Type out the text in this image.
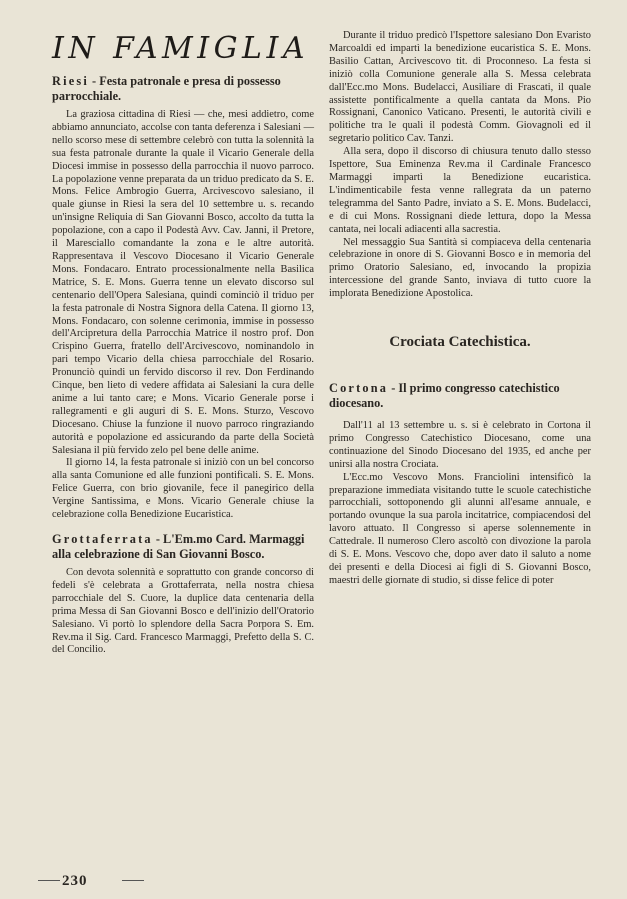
IN FAMIGLIA
Riesi - Festa patronale e presa di possesso parrocchiale.

La graziosa cittadina di Riesi — che, mesi addietro, come abbiamo annunciato, accolse con tanta deferenza i Salesiani — nello scorso mese di settembre celebrò con tutta la solennità la sua festa patronale durante la quale il Vicario Generale della Diocesi immise in possesso della parrocchia il nuovo parroco. La popolazione venne preparata da un triduo predicato da S. E. Mons. Felice Ambrogio Guerra, Arcivescovo salesiano, il quale giunse in Riesi la sera del 10 settembre u. s. recando un'insigne Reliquia di San Giovanni Bosco, accolto da tutta la popolazione, con a capo il Podestà Avv. Cav. Janni, il Pretore, il Maresciallo comandante la zona e le altre autorità. Rappresentava il Vescovo Diocesano il Vicario Generale Mons. Fondacaro. Entrato processionalmente nella Basilica Matrice, S. E. Mons. Guerra tenne un elevato discorso sul centenario dell'Opera Salesiana, quindi cominciò il triduo per la festa patronale di Nostra Signora della Catena. Il giorno 13, Mons. Fondacaro, con solenne cerimonia, immise in possesso dell'Arcipretura della Parrocchia Matrice il nostro prof. Don Crispino Guerra, fratello dell'Arcivescovo, nominandolo in pari tempo Vicario della chiesa parrocchiale del Rosario. Pronunciò quindi un fervido discorso il rev. Don Ferdinando Cinque, ben lieto di vedere affidata ai Salesiani la cura delle anime a lui tanto care; e Mons. Vicario Generale porse i rallegramenti e gli auguri di S. E. Mons. Sturzo, Vescovo Diocesano. Chiuse la funzione il nuovo parroco ringraziando autorità e popolazione ed assicurando da parte della Società Salesiana il più fervido zelo pel bene delle anime.

Il giorno 14, la festa patronale si iniziò con un bel concorso alla santa Comunione ed alle funzioni pontificali. S. E. Mons. Felice Guerra, con brio giovanile, fece il panegirico della Vergine Santissima, e Mons. Vicario Generale chiuse la celebrazione colla Benedizione Eucaristica.

Grottaferrata - L'Em.mo Card. Marmaggi alla celebrazione di San Giovanni Bosco.

Con devota solennità e soprattutto con grande concorso di fedeli s'è celebrata a Grottaferrata, nella nostra chiesa parrocchiale del S. Cuore, la duplice data centenaria della prima Messa di San Giovanni Bosco e dell'inizio dell'Oratorio Salesiano. Vi portò lo splendore della Sacra Porpora S. Em. Rev.ma il Sig. Card. Francesco Marmaggi, Prefetto della S. C. del Concilio.

Durante il triduo predicò l'Ispettore salesiano Don Evaristo Marcoaldi ed impartì la benedizione eucaristica S. E. Mons. Basilio Cattan, Arcivescovo tit. di Proconneso. La festa si iniziò colla Comunione generale alla S. Messa celebrata dall'Ecc.mo Mons. Budelacci, Ausiliare di Frascati, il quale assistette pontificalmente a quella cantata da Mons. Pio Rossignani, Canonico Vaticano. Presenti, le autorità civili e politiche tra le quali il podestà Comm. Giovagnoli ed il segretario politico Cav. Tanzi.

Alla sera, dopo il discorso di chiusura tenuto dallo stesso Ispettore, Sua Eminenza Rev.ma il Cardinale Francesco Marmaggi impartì la Benedizione eucaristica. L'indimenticabile festa venne rallegrata da un paterno telegramma del Santo Padre, inviato a S. E. Mons. Budelacci, e di cui Mons. Rossignani diede lettura, dopo la Messa cantata, nei locali adiacenti alla sacrestia.

Nel messaggio Sua Santità si compiaceva della centenaria celebrazione in onore di S. Giovanni Bosco e in memoria del primo Oratorio Salesiano, ed, invocando la propizia intercessione del grande Santo, inviava di tutto cuore la implorata Benedizione Apostolica.

Crociata Catechistica.
Cortona - Il primo congresso catechistico diocesano.

Dall'11 al 13 settembre u. s. si è celebrato in Cortona il primo Congresso Catechistico Diocesano, come una continuazione del Sinodo Diocesano del 1935, ed anche per unirsi alla nostra Crociata.

L'Ecc.mo Vescovo Mons. Franciolini intensificò la preparazione immediata visitando tutte le scuole catechistiche parrocchiali, sottoponendo gli alunni all'esame annuale, e portando ovunque la sua parola incitatrice, compiacendosi del lavoro attuato. Il Congresso si aperse solennemente in Cattedrale. Il numeroso Clero ascoltò con divozione la parola di S. E. Mons. Vescovo che, dopo aver dato il saluto a nome dei presenti e della Diocesi ai figli di S. Giovanni Bosco, maestri delle giornate di studio, si disse felice di poter

230
